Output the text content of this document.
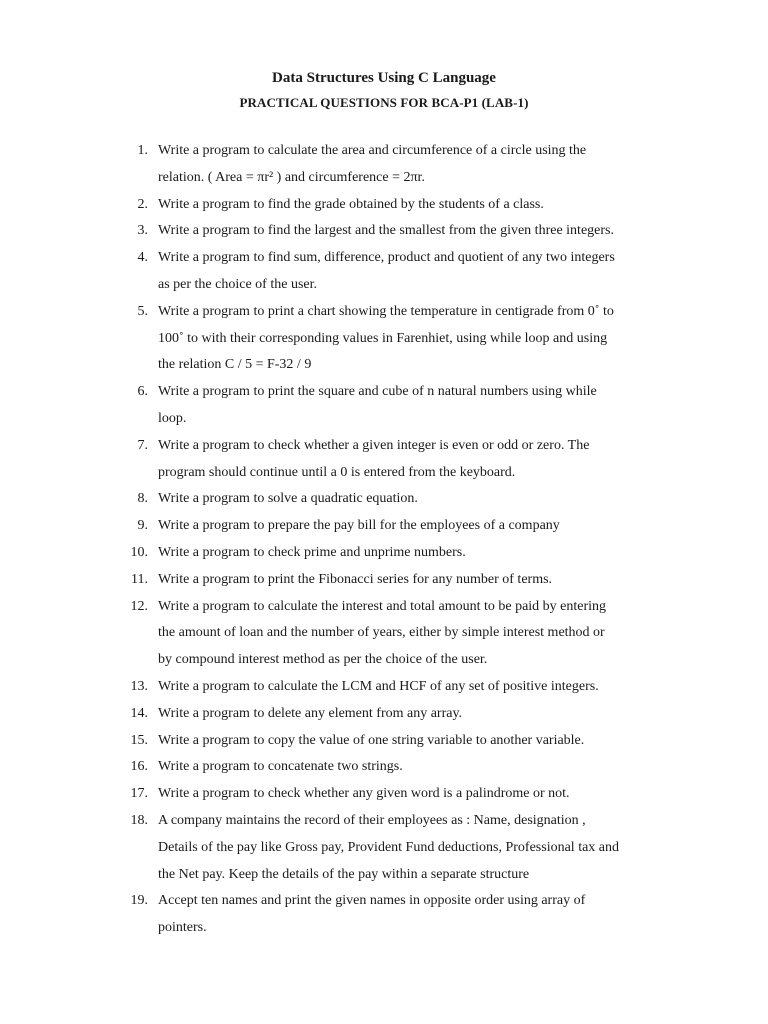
Data Structures Using C Language
PRACTICAL QUESTIONS FOR BCA-P1 (LAB-1)
1. Write a program to calculate the area and circumference of a circle using the
relation. ( Area = πr² ) and circumference = 2πr.
2. Write a program to find the grade obtained by the students of a class.
3. Write a program to find the largest and the smallest from the given three integers.
4. Write a program to find sum, difference, product and quotient of any two integers
as per the choice of the user.
5. Write a program to print a chart showing the temperature in centigrade from 0˚ to
100˚ to with their corresponding values in Farenhiet, using while loop and using
the relation C / 5 = F-32 / 9
6. Write a program to print the square and cube of n natural numbers using while
loop.
7. Write a program to check whether a given integer is even or odd or zero. The
program should continue until a 0 is entered from the keyboard.
8. Write a program to solve a quadratic equation.
9. Write a program to prepare the pay bill for the employees of a company
10. Write a program to check prime and unprime numbers.
11. Write a program to print the Fibonacci series for any number of terms.
12. Write a program to calculate the interest and total amount to be paid by entering
the amount of loan and the number of years, either by simple interest method or
by compound interest method as per the choice of the user.
13. Write a program to calculate the LCM and HCF of any set of positive integers.
14. Write a program to delete any element from any array.
15. Write a program to copy the value of one string variable to another variable.
16. Write a program to concatenate two strings.
17. Write a program to check whether any given word is a palindrome or not.
18. A company maintains the record of their employees as : Name, designation ,
Details of the pay like Gross pay, Provident Fund deductions, Professional tax and
the Net pay. Keep the details of the pay within a separate structure
19. Accept ten names and print the given names in opposite order using array of
pointers.
